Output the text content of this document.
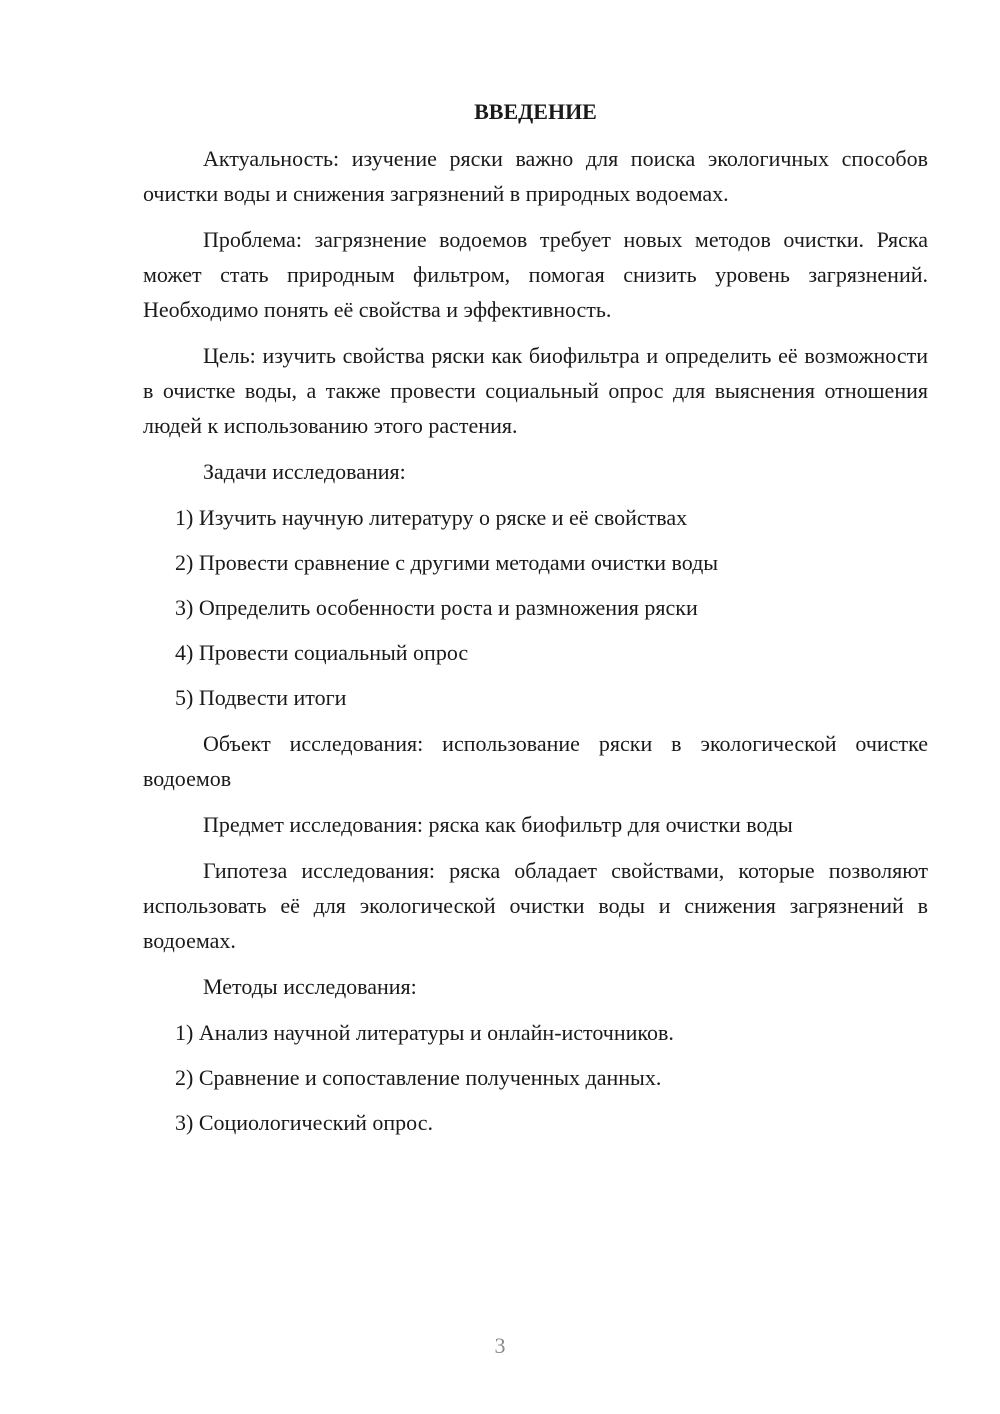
ВВЕДЕНИЕ

Актуальность: изучение ряски важно для поиска экологичных способов очистки воды и снижения загрязнений в природных водоемах.

Проблема: загрязнение водоемов требует новых методов очистки. Ряска может стать природным фильтром, помогая снизить уровень загрязнений. Необходимо понять её свойства и эффективность.

Цель: изучить свойства ряски как биофильтра и определить её возможности в очистке воды, а также провести социальный опрос для выяснения отношения людей к использованию этого растения.

Задачи исследования:

1) Изучить научную литературу о ряске и её свойствах
2) Провести сравнение с другими методами очистки воды
3) Определить особенности роста и размножения ряски
4) Провести социальный опрос
5) Подвести итоги

Объект исследования: использование ряски в экологической очистке водоемов

Предмет исследования: ряска как биофильтр для очистки воды

Гипотеза исследования: ряска обладает свойствами, которые позволяют использовать её для экологической очистки воды и снижения загрязнений в водоемах.

Методы исследования:

1) Анализ научной литературы и онлайн-источников.
2) Сравнение и сопоставление полученных данных.
3) Социологический опрос.
3
